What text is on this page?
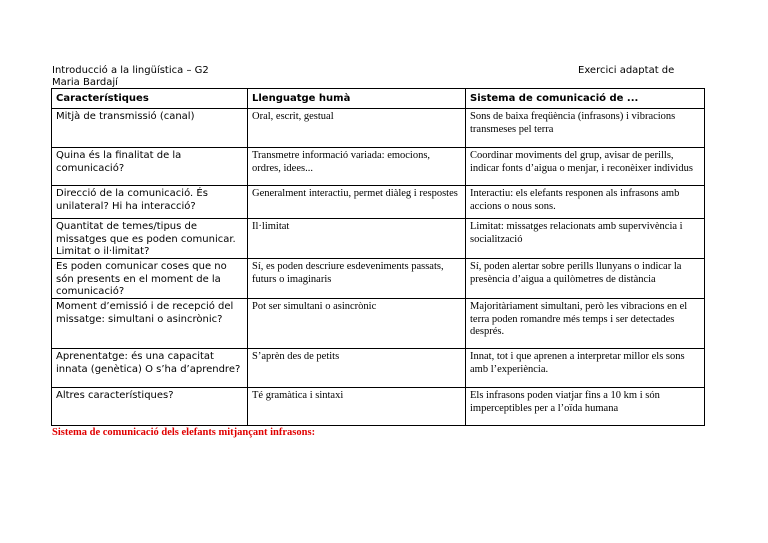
Introducció a la lingüística – G2
Maria Bardají
Exercici adaptat de
Característiques	Llenguatge humà	Sistema de comunicació de ...
Mitjà de transmissió (canal)	Oral, escrit, gestual	Sons de baixa freqüència (infrasons) i vibracions transmeses pel terra

Quina és la finalitat de la comunicació?	Transmetre informació variada: emocions, ordres, idees...	Coordinar moviments del grup, avisar de perills, indicar fonts d’aigua o menjar, i reconèixer individus

Direcció de la comunicació. És unilateral? Hi ha interacció?	Generalment interactiu, permet diàleg i respostes	Interactiu: els elefants responen als infrasons amb accions o nous sons.

Quantitat de temes/tipus de missatges que es poden comunicar. Limitat o il·limitat?	Il·limitat	Limitat: missatges relacionats amb supervivència i socialització

Es poden comunicar coses que no són presents en el moment de la comunicació?	Sí, es poden descriure esdeveniments passats, futurs o imaginaris	Sí, poden alertar sobre perills llunyans o indicar la presència d’aigua a quilòmetres de distància
Moment d’emissió i de recepció del missatge: simultani o asincrònic?	Pot ser simultani o asincrònic	Majoritàriament simultani, però les vibracions en el terra poden romandre més temps i ser detectades després.
Aprenentatge: és una capacitat innata (genètica) O s’ha d’aprendre?	S’aprèn des de petits	Innat, tot i que aprenen a interpretar millor els sons amb l’experiència.
Altres característiques?	Té gramàtica i sintaxi	Els infrasons poden viatjar fins a 10 km i són imperceptibles per a l’oïda humana
Sistema de comunicació dels elefants mitjançant infrasons:
